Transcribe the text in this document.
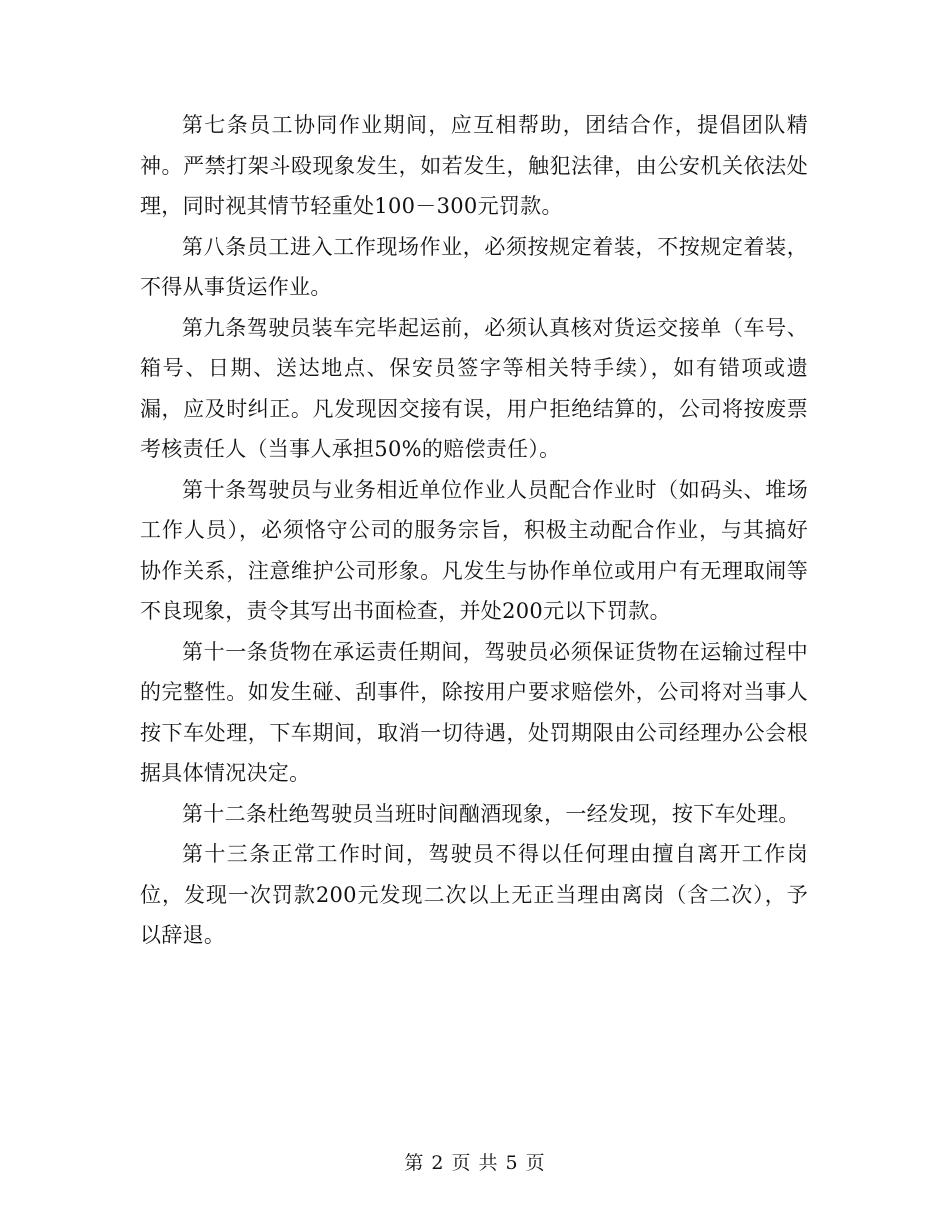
第七条员工协同作业期间，应互相帮助，团结合作，提倡团队精神。严禁打架斗殴现象发生，如若发生，触犯法律，由公安机关依法处理，同时视其情节轻重处100－300元罚款。

第八条员工进入工作现场作业，必须按规定着装，不按规定着装，不得从事货运作业。

第九条驾驶员装车完毕起运前，必须认真核对货运交接单（车号、箱号、日期、送达地点、保安员签字等相关特手续），如有错项或遗漏，应及时纠正。凡发现因交接有误，用户拒绝结算的，公司将按废票考核责任人（当事人承担50%的赔偿责任）。

第十条驾驶员与业务相近单位作业人员配合作业时（如码头、堆场工作人员），必须恪守公司的服务宗旨，积极主动配合作业，与其搞好协作关系，注意维护公司形象。凡发生与协作单位或用户有无理取闹等不良现象，责令其写出书面检查，并处200元以下罚款。

第十一条货物在承运责任期间，驾驶员必须保证货物在运输过程中的完整性。如发生碰、刮事件，除按用户要求赔偿外，公司将对当事人按下车处理，下车期间，取消一切待遇，处罚期限由公司经理办公会根据具体情况决定。

第十二条杜绝驾驶员当班时间酗酒现象，一经发现，按下车处理。

第十三条正常工作时间，驾驶员不得以任何理由擅自离开工作岗位，发现一次罚款200元发现二次以上无正当理由离岗（含二次），予以辞退。

第 2 页 共 5 页
